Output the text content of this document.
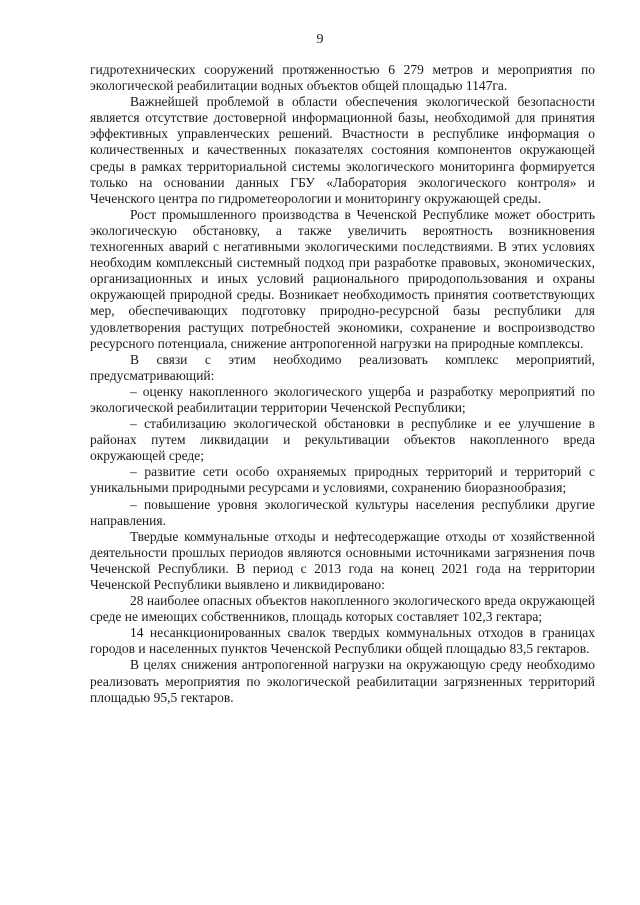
9

гидротехнических сооружений протяженностью 6 279 метров и мероприятия по экологической реабилитации водных объектов общей площадью 1147га.

Важнейшей проблемой в области обеспечения экологической безопасности является отсутствие достоверной информационной базы, необходимой для принятия эффективных управленческих решений. Вчастности в республике информация о количественных и качественных показателях состояния компонентов окружающей среды в рамках территориальной системы экологического мониторинга формируется только на основании данных ГБУ «Лаборатория экологического контроля» и Чеченского центра по гидрометеорологии и мониторингу окружающей среды.

Рост промышленного производства в Чеченской Республике может обострить экологическую обстановку, а также увеличить вероятность возникновения техногенных аварий с негативными экологическими последствиями. В этих условиях необходим комплексный системный подход при разработке правовых, экономических, организационных и иных условий рационального природопользования и охраны окружающей природной среды. Возникает необходимость принятия соответствующих мер, обеспечивающих подготовку природно-ресурсной базы республики для удовлетворения растущих потребностей экономики, сохранение и воспроизводство ресурсного потенциала, снижение антропогенной нагрузки на природные комплексы.

В связи с этим необходимо реализовать комплекс мероприятий, предусматривающий:

– оценку накопленного экологического ущерба и разработку мероприятий по экологической реабилитации территории Чеченской Республики;

– стабилизацию экологической обстановки в республике и ее улучшение в районах путем ликвидации и рекультивации объектов накопленного вреда окружающей среде;

– развитие сети особо охраняемых природных территорий и территорий с уникальными природными ресурсами и условиями, сохранению биоразнообразия;

– повышение уровня экологической культуры населения республики другие направления.

Твердые коммунальные отходы и нефтесодержащие отходы от хозяйственной деятельности прошлых периодов являются основными источниками загрязнения почв Чеченской Республики. В период с 2013 года на конец 2021 года на территории Чеченской Республики выявлено и ликвидировано:

28 наиболее опасных объектов накопленного экологического вреда окружающей среде не имеющих собственников, площадь которых составляет 102,3 гектара;

14 несанкционированных свалок твердых коммунальных отходов в границах городов и населенных пунктов Чеченской Республики общей площадью 83,5 гектаров.

В целях снижения антропогенной нагрузки на окружающую среду необходимо реализовать мероприятия по экологической реабилитации загрязненных территорий площадью 95,5 гектаров.
